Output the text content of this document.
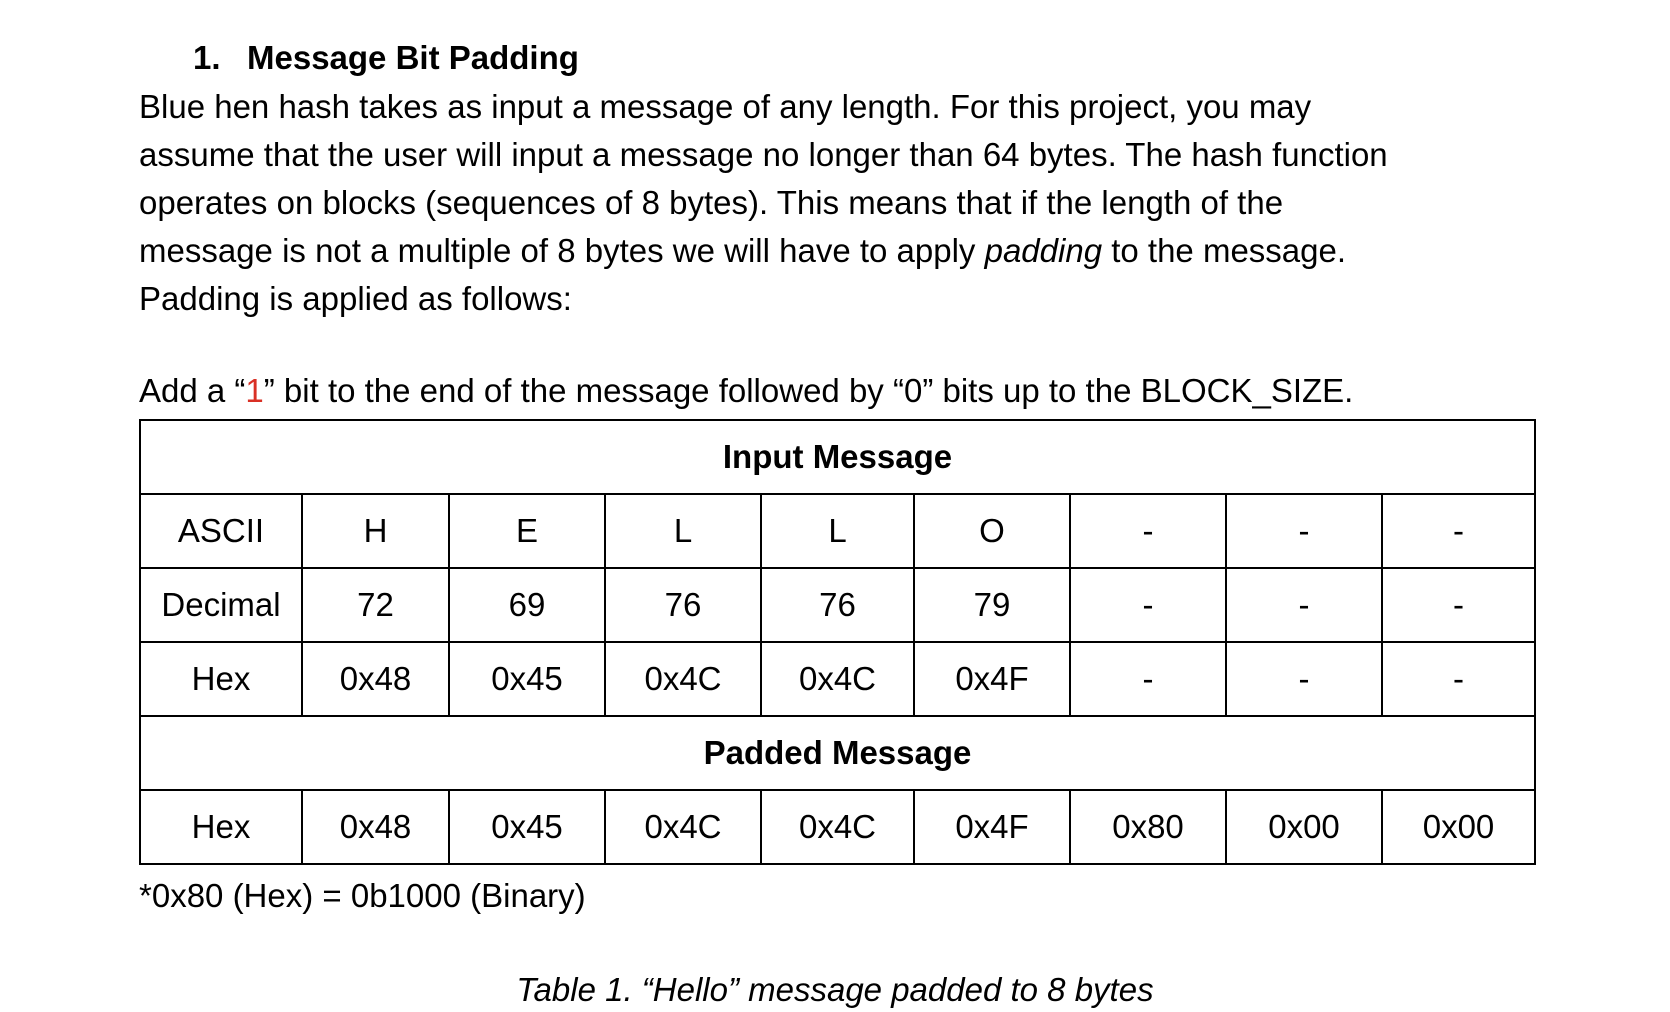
1. Message Bit Padding
Blue hen hash takes as input a message of any length. For this project, you may
assume that the user will input a message no longer than 64 bytes. The hash function
operates on blocks (sequences of 8 bytes). This means that if the length of the
message is not a multiple of 8 bytes we will have to apply padding to the message.
Padding is applied as follows:
Add a “1” bit to the end of the message followed by “0” bits up to the BLOCK_SIZE.
Input Message								
ASCII	H	E	L	L	O	-	-	-
Decimal	72	69	76	76	79	-	-	-
Hex	0x48	0x45	0x4C	0x4C	0x4F	-	-	-
Padded Message								
Hex	0x48	0x45	0x4C	0x4C	0x4F	0x80	0x00	0x00
*0x80 (Hex) = 0b1000 (Binary)
Table 1. “Hello” message padded to 8 bytes
